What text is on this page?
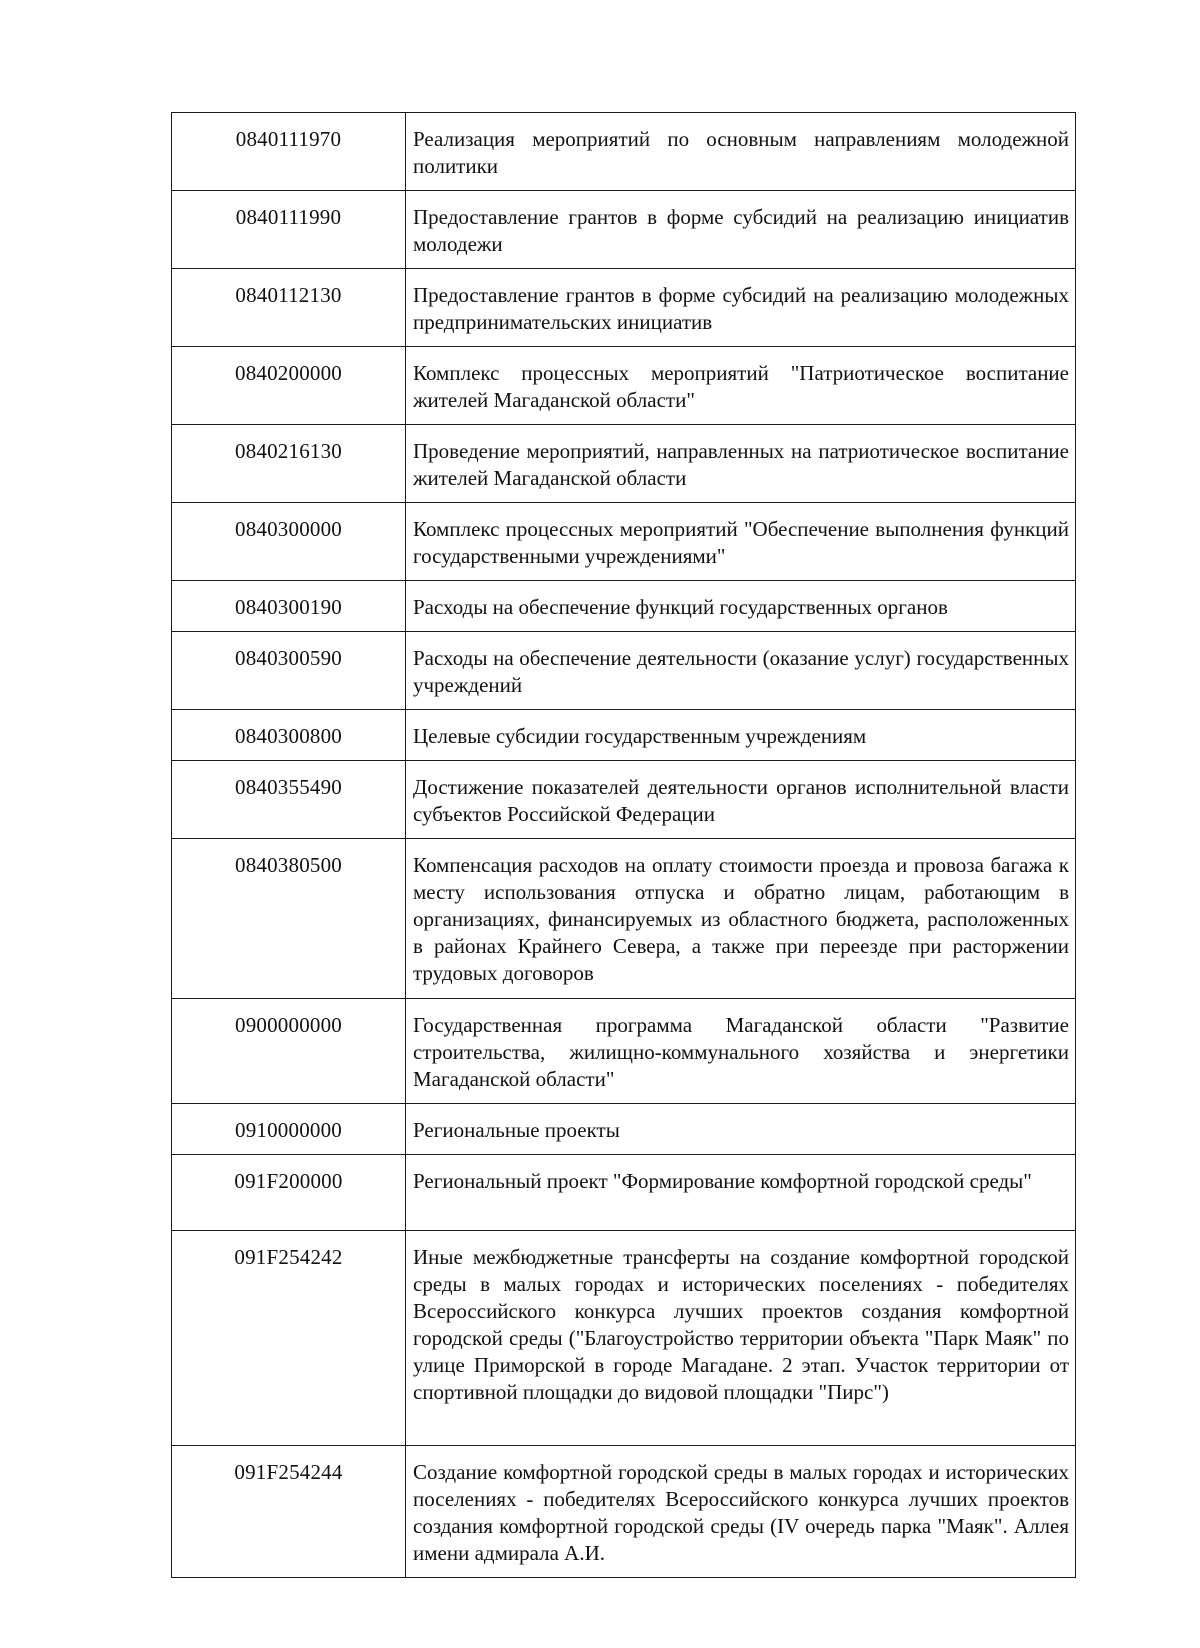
0840111970	Реализация мероприятий по основным направлениям молодежной политики
0840111990	Предоставление грантов в форме субсидий на реализацию инициатив молодежи
0840112130	Предоставление грантов в форме субсидий на реализацию молодежных предпринимательских инициатив
0840200000	Комплекс процессных мероприятий "Патриотическое воспитание жителей Магаданской области"
0840216130	Проведение мероприятий, направленных на патриотическое воспитание жителей Магаданской области
0840300000	Комплекс процессных мероприятий "Обеспечение выполнения функций государственными учреждениями"
0840300190	Расходы на обеспечение функций государственных органов
0840300590	Расходы на обеспечение деятельности (оказание услуг) государственных учреждений
0840300800	Целевые субсидии государственным учреждениям
0840355490	Достижение показателей деятельности органов исполнительной власти субъектов Российской Федерации
0840380500	Компенсация расходов на оплату стоимости проезда и провоза багажа к месту использования отпуска и обратно лицам, работающим в организациях, финансируемых из областного бюджета, расположенных в районах Крайнего Севера, а также при переезде при расторжении трудовых договоров
0900000000	Государственная программа Магаданской области "Развитие строительства, жилищно-коммунального хозяйства и энергетики Магаданской области"
0910000000	Региональные проекты
091F200000	Региональный проект "Формирование комфортной городской среды"
091F254242	Иные межбюджетные трансферты на создание комфортной городской среды в малых городах и исторических поселениях - победителях Всероссийского конкурса лучших проектов создания комфортной городской среды ("Благоустройство территории объекта "Парк Маяк" по улице Приморской в городе Магадане. 2 этап. Участок территории от спортивной площадки до видовой площадки "Пирс")
091F254244	Создание комфортной городской среды в малых городах и исторических поселениях - победителях Всероссийского конкурса лучших проектов создания комфортной городской среды (IV очередь парка "Маяк". Аллея имени адмирала А.И.
